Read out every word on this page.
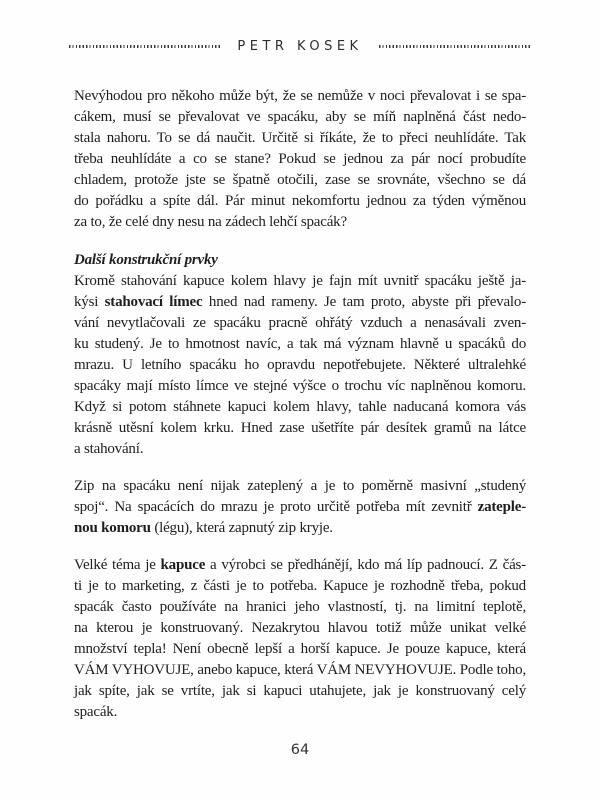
PETR KOSEK
Nevýhodou pro někoho může být, že se nemůže v noci převalovat i se spa-
cákem, musí se převalovat ve spacáku, aby se míň naplněná část nedo-
stala nahoru. To se dá naučit. Určitě si říkáte, že to přeci neuhlídáte. Tak
třeba neuhlídáte a co se stane? Pokud se jednou za pár nocí probudíte
chladem, protože jste se špatně otočili, zase se srovnáte, všechno se dá
do pořádku a spíte dál. Pár minut nekomfortu jednou za týden výměnou
za to, že celé dny nesu na zádech lehčí spacák?
Další konstrukční prvky
Kromě stahování kapuce kolem hlavy je fajn mít uvnitř spacáku ještě ja-
kýsi stahovací límec hned nad rameny. Je tam proto, abyste při převalo-
vání nevytlačovali ze spacáku pracně ohřátý vzduch a nenasávali zven-
ku studený. Je to hmotnost navíc, a tak má význam hlavně u spacáků do
mrazu. U letního spacáku ho opravdu nepotřebujete. Některé ultralehké
spacáky mají místo límce ve stejné výšce o trochu víc naplněnou komoru.
Když si potom stáhnete kapuci kolem hlavy, tahle naducaná komora vás
krásně utěsní kolem krku. Hned zase ušetříte pár desítek gramů na látce
a stahování.
Zip na spacáku není nijak zateplený a je to poměrně masivní „studený
spoj“. Na spacácích do mrazu je proto určitě potřeba mít zevnitř zateple-
nou komoru (légu), která zapnutý zip kryje.
Velké téma je kapuce a výrobci se předhánějí, kdo má líp padnoucí. Z čás-
ti je to marketing, z části je to potřeba. Kapuce je rozhodně třeba, pokud
spacák často používáte na hranici jeho vlastností, tj. na limitní teplotě,
na kterou je konstruovaný. Nezakrytou hlavou totiž může unikat velké
množství tepla! Není obecně lepší a horší kapuce. Je pouze kapuce, která
VÁM VYHOVUJE, anebo kapuce, která VÁM NEVYHOVUJE. Podle toho,
jak spíte, jak se vrtíte, jak si kapuci utahujete, jak je konstruovaný celý
spacák.
64
